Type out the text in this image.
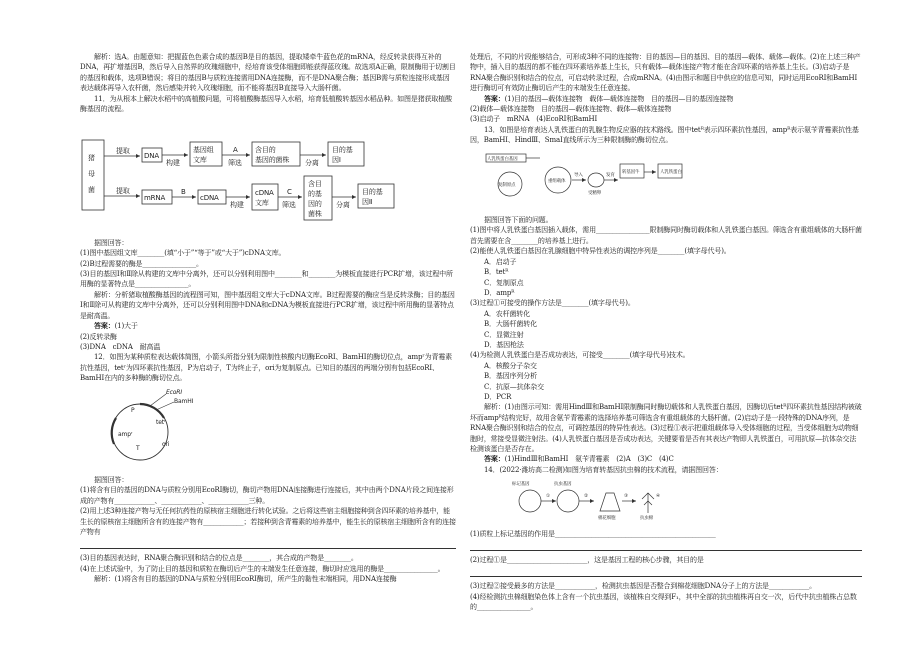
解析：选A。由题意知：把握蓝色色素合成的基因B是目的基因，提取矮牵牛蓝色花的mRNA，经反转录获得互补的DNA，再扩增基因B，然后导入自然界的玫瑰细胞中，经培育该受体细胞即能获得蓝玫瑰。故选项A正确，限制酶用于切割目的基因和载体，选项B错误；将目的基因B与质粒连接需用DNA连接酶，而不是DNA聚合酶；基因B需与质粒连接形成基因表达载体再导入农杆菌，然后感染并转入玫瑰细胞，而不能将基因B直接导入大肠杆菌。

11．为从根本上解决水稻中的高植酸问题，可将植酸酶基因导入水稻，培育低植酸转基因水稻品种。如图是猪获取植酸酶基因的流程。

猪
母
菌
提取
DNA
构建
基因组
文库
A
筛选
含目的
基因的菌株 分离
目的基
因Ⅰ
提取
mRNA
B
cDNA
构建
cDNA
文库
C
筛选
含目
的基
因的
菌株
分离
目的基
因Ⅱ

据图回答：

(1)图中基因组文库________(填“小于”“等于”或“大于”)cDNA文库。

(2)B过程需要的酶是________________。

(3)目的基因Ⅰ和Ⅱ除从构建的文库中分离外，还可以分别利用图中________和________为模板直接进行PCR扩增，该过程中所用酶的显著特点是________________。

解析：分析猪取植酸酶基因的流程图可知，图中基因组文库大于cDNA文库。B过程需要的酶应当是反转录酶；目的基因Ⅰ和Ⅱ除可从构建的文库中分离外，还可以分别利用图中DNA和cDNA为模板直接进行PCR扩增，该过程中所用酶的显著特点是耐高温。

答案：(1)大于

(2)反转录酶

(3)DNA　cDNA　耐高温

12．如图为某种质粒表达载体简图，小箭头所指分别为限制性核酸内切酶EcoRⅠ、BamHⅠ的酶切位点，ampʳ为青霉素抗性基因，tetʳ为四环素抗性基因，P为启动子，T为终止子，ori为复制原点。已知目的基因的两端分别有包括EcoRⅠ、BamHⅠ在内的多种酶的酶切位点。

EcoRⅠ
BamHⅠ
P
tetʳ
ampʳ
T
ori

据图回答：

(1)将含有目的基因的DNA与质粒分别用EcoRⅠ酶切，酶切产物用DNA连接酶进行连接后，其中由两个DNA片段之间连接形成的产物有____________、____________、____________三种。

(2)用上述3种连接产物与无任何抗药性的原核宿主细胞进行转化试验。之后将这些宿主细胞接种到含四环素的培养基中，能生长的原核宿主细胞所含有的连接产物有____________；若接种到含青霉素的培养基中，能生长的原核宿主细胞所含有的连接产物有

(3)目的基因表达时，RNA聚合酶识别和结合的位点是________，其合成的产物是________。

(4)在上述试验中，为了防止目的基因和质粒在酶切后产生的末端发生任意连接，酶切时应选用的酶是________________。

解析：(1)将含有目的基因的DNA与质粒分别用EcoRⅠ酶切，所产生的黏性末端相同，用DNA连接酶

处理后，不同的片段能够结合，可形成3种不同的连接物：目的基因—目的基因、目的基因—载体、载体—载体。(2)在上述三种产物中，插入目的基因的都不能在四环素培养基上生长，只有载体—载体连接产物才能在含四环素的培养基上生长。(3)启动子是RNA聚合酶识别和结合的位点，可启动转录过程，合成mRNA。(4)由图示和题目中供应的信息可知，同时运用EcoRⅠ和BamHⅠ进行酶切可有效防止酶切后产生的末端发生任意连接。

答案：(1)目的基因—载体连接物　载体—载体连接物　目的基因—目的基因连接物

(2)载体—载体连接物　目的基因—载体连接物、载体—载体连接物

(3)启动子　mRNA　(4)EcoRⅠ和BamHⅠ

13．如图是培育表达人乳铁蛋白的乳腺生物反应器的技术路线。图中tetᴿ表示四环素抗性基因，ampᴿ表示氨苄青霉素抗性基因，BamHⅠ、HindⅢ、SmaⅠ直线所示为三种限制酶的酶切位点。

人乳铁蛋白基因
复制原点
重组载体
导入
受精卵
发育
转基因牛	人乳铁蛋白

据图回答下面的问题。

(1)图中将人乳铁蛋白基因插入载体，需用________________限制酶同时酶切载体和人乳铁蛋白基因。筛选含有重组载体的大肠杆菌首先需要在含________的培养基上进行。

(2)能使人乳铁蛋白基因在乳腺细胞中特异性表达的调控序列是________(填字母代号)。

A．启动子B．tetᴿ

C．复制原点D．ampᴿ

(3)过程①可接受的操作方法是________(填字母代号)。

A．农杆菌转化B．大肠杆菌转化

C．显微注射D．基因枪法

(4)为检测人乳铁蛋白是否成功表达，可接受________(填字母代号)技术。

A．核酸分子杂交B．基因序列分析

C．抗原—抗体杂交D．PCR

解析：(1)由图示可知：需用HindⅢ和BamHⅠ限制酶同时酶切载体和人乳铁蛋白基因，因酶切后tetᴿ四环素抗性基因结构被破坏而ampᴿ结构完好，故用含氨苄青霉素的选择培养基可筛选含有重组载体的大肠杆菌。(2)启动子是一段特殊的DNA序列，是RNA聚合酶识别和结合的位点，可调控基因的特异性表达。(3)过程①表示把重组载体导入受体细胞的过程，当受体细胞为动物细胞时，常接受显微注射法。(4)人乳铁蛋白基因是否成功表达，关键要看是否有其表达产物即人乳铁蛋白，可用抗原—抗体杂交法检测该蛋白是否存在。

答案：(1)HindⅢ和BamHⅠ　氨苄青霉素　(2)A　(3)C　(4)C

14．(2022·潍坊高二检测)如图为培育转基因抗虫棉的技术流程，请据图回答：

标记基因	抗虫基因
①	②	③	④
棉花细胞	抗虫棉

(1)质粒上标记基因的作用是________________________________________________

(2)过程①是________________________，这是基因工程的核心步骤，其目的是

(3)过程②接受最多的方法是____________，检测抗虫基因是否整合到棉花细胞DNA分子上的方法是____________。

(4)经检测抗虫棉细胞染色体上含有一个抗虫基因，该植株自交得到F₁，其中全部的抗虫植株再自交一次，后代中抗虫植株占总数的________________。
